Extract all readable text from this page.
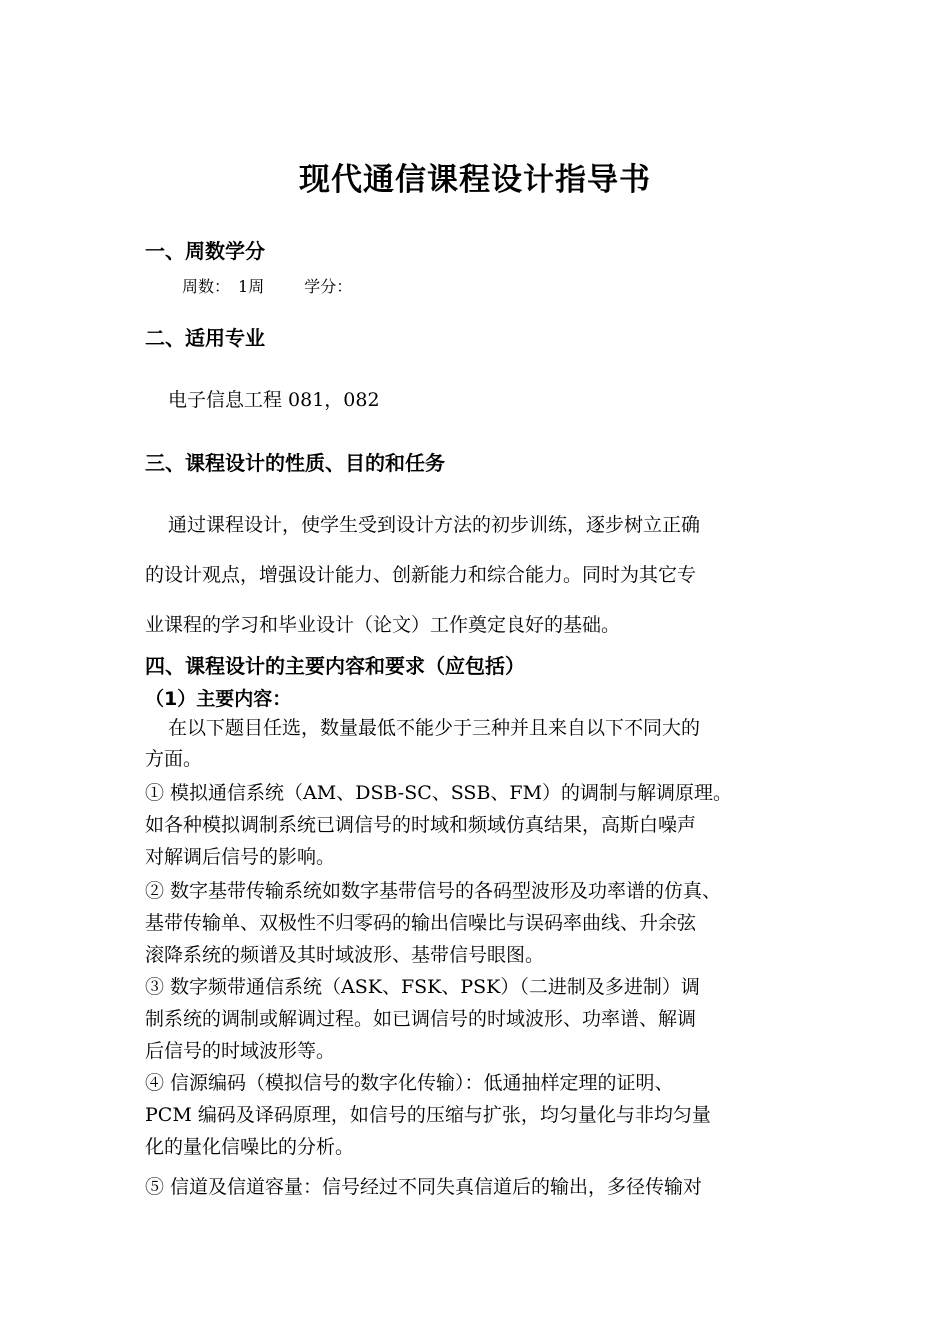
现代通信课程设计指导书
一、周数学分
周数： 1周	学分：
二、适用专业
电子信息工程 081，082
三、课程设计的性质、目的和任务
通过课程设计，使学生受到设计方法的初步训练，逐步树立正确
的设计观点，增强设计能力、创新能力和综合能力。同时为其它专
业课程的学习和毕业设计（论文）工作奠定良好的基础。
四、课程设计的主要内容和要求（应包括）
（1）主要内容：
在以下题目任选，数量最低不能少于三种并且来自以下不同大的
方面。
① 模拟通信系统（AM、DSB-SC、SSB、FM）的调制与解调原理。
如各种模拟调制系统已调信号的时域和频域仿真结果，高斯白噪声
对解调后信号的影响。
② 数字基带传输系统如数字基带信号的各码型波形及功率谱的仿真、
基带传输单、双极性不归零码的输出信噪比与误码率曲线、升余弦
滚降系统的频谱及其时域波形、基带信号眼图。
③ 数字频带通信系统（ASK、FSK、PSK）（二进制及多进制）调
制系统的调制或解调过程。如已调信号的时域波形、功率谱、解调
后信号的时域波形等。
④ 信源编码（模拟信号的数字化传输）：低通抽样定理的证明、
PCM 编码及译码原理，如信号的压缩与扩张，均匀量化与非均匀量
化的量化信噪比的分析。
⑤ 信道及信道容量：信号经过不同失真信道后的输出，多径传输对
